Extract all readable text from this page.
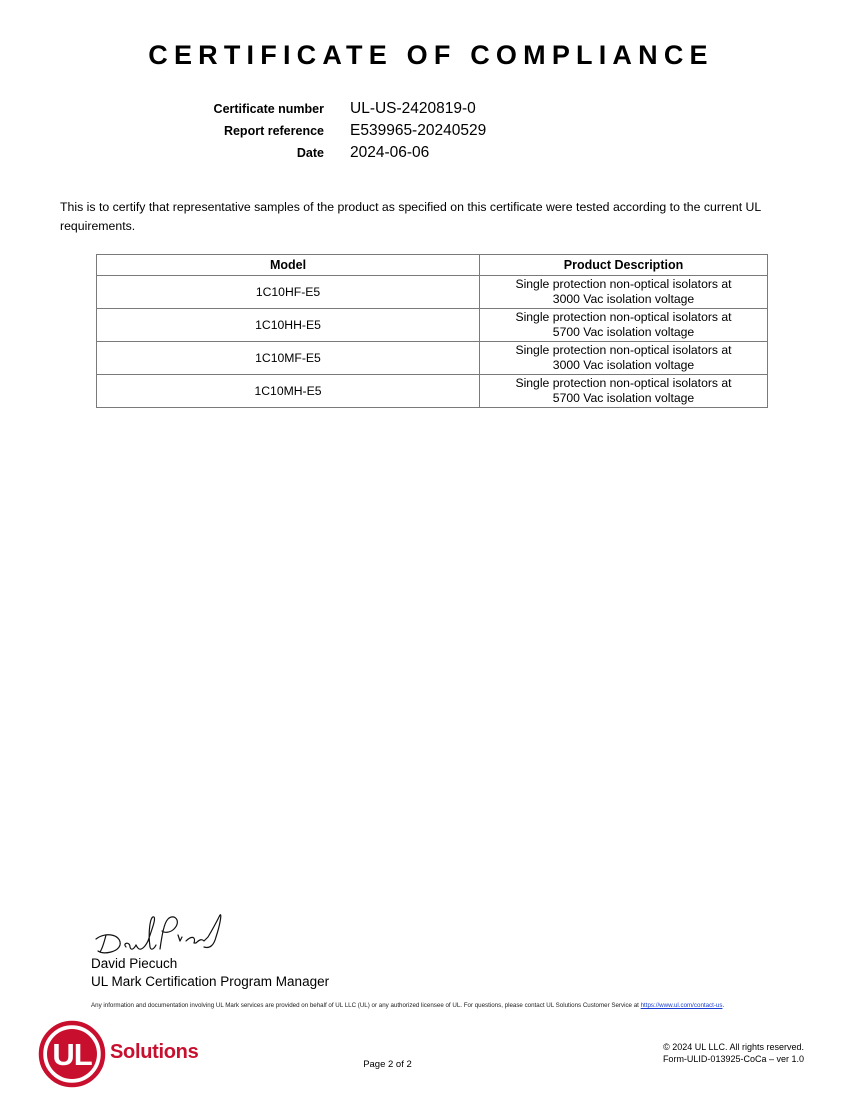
CERTIFICATE OF COMPLIANCE
Certificate number	UL-US-2420819-0
Report reference	E539965-20240529
Date	2024-06-06
This is to certify that representative samples of the product as specified on this certificate were tested according to the current UL requirements.
Model	Product Description
1C10HF-E5	Single protection non-optical isolators at
3000 Vac isolation voltage
1C10HH-E5	Single protection non-optical isolators at
5700 Vac isolation voltage
1C10MF-E5	Single protection non-optical isolators at
3000 Vac isolation voltage
1C10MH-E5	Single protection non-optical isolators at
5700 Vac isolation voltage
David Piecuch
UL Mark Certification Program Manager
Any information and documentation involving UL Mark services are provided on behalf of UL LLC (UL) or any authorized licensee of UL. For questions, please contact UL Solutions Customer Service at https://www.ul.com/contact-us.
UL Solutions
Page 2 of 2
© 2024 UL LLC. All rights reserved.
Form-ULID-013925-CoCa – ver 1.0
